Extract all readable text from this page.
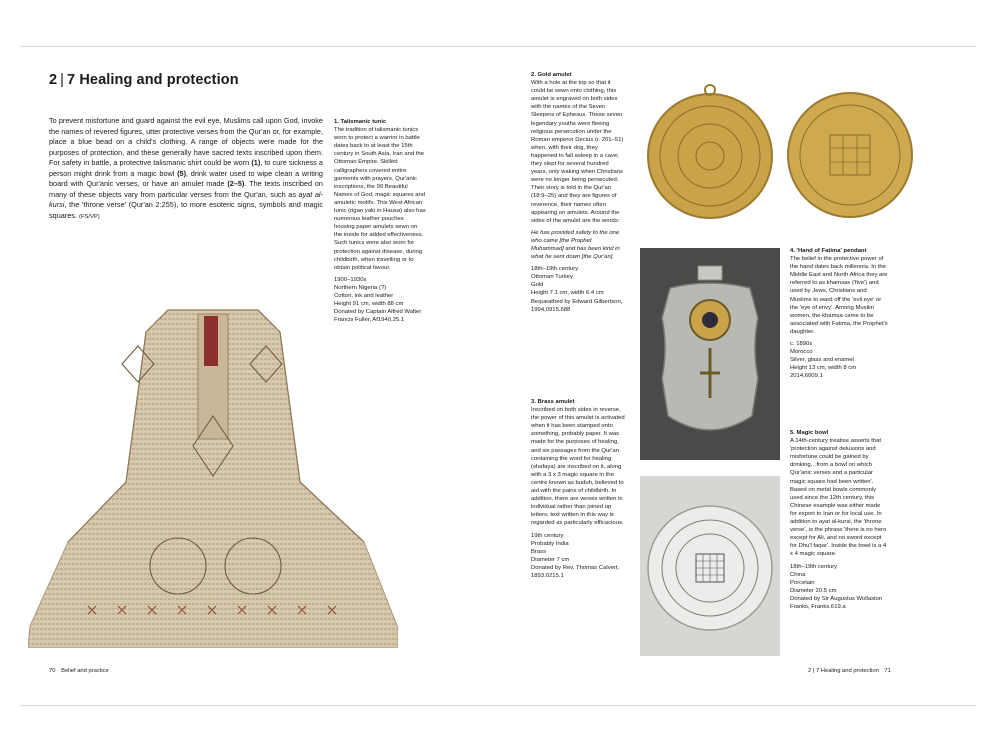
2 | 7 Healing and protection

To prevent misfortune and guard against the evil eye, Muslims call upon God, invoke the names of revered figures, utter protective verses from the Qur'an or, for example, place a blue bead on a child's clothing. A range of objects were made for the purposes of protection, and these generally have sacred texts inscribed upon them. For safety in battle, a protective talismanic shirt could be worn (1), to cure sickness a person might drink from a magic bowl (5), drink water used to wipe clean a writing board with Qur'anic verses, or have an amulet made (2–5). The texts inscribed on many of these objects vary from particular verses from the Qur'an, such as ayat al-kursi, the 'throne verse' (Qur'an 2:255), to more esoteric signs, symbols and magic squares. (FS/VP)

1. Talismanic tunic
The tradition of talismanic tunics worn to protect a warrior in battle dates back to at least the 15th century in South Asia, Iran and the Ottoman Empire. Skilled calligraphers covered entire garments with prayers, Qur'anic inscriptions, the 99 Beautiful Names of God, magic squares and amuletic motifs. This West African tunic (rigan yaki in Hausa) also has numerous leather pouches housing paper amulets sewn on the inside for added effectiveness. Such tunics were also worn for protection against disease, during childbirth, when travelling or to obtain political favour.
1900–1930s
Northern Nigeria (?)
Cotton, ink and leather
Height 91 cm, width 88 cm
Donated by Captain Alfred Walter Francis Fuller, Af1940,25.1
2. Gold amulet
With a hole at the top so that it could be sewn onto clothing, this amulet is engraved on both sides with the names of the Seven Sleepers of Ephesus. These seven legendary youths were fleeing religious persecution under the Roman emperor Decius (r. 201–51) when, with their dog, they happened to fall asleep in a cave; they slept for several hundred years, only waking when Christians were no longer being persecuted. Their story is told in the Qur'an (18:9–25) and they are figures of reverence, their names often appearing on amulets. Around the sides of the amulet are the words:
He has provided safety to the one who came [the Prophet Muhammad] and has been kind in what he sent down [the Qur'an].
18th–19th century
Ottoman Turkey
Gold
Height 7.1 cm, width 6.4 cm
Bequeathed by Edward Gilbertson, 1994,0915.688
3. Brass amulet
Inscribed on both sides in reverse, the power of this amulet is activated when it has been stamped onto something, probably paper. It was made for the purposes of healing, and six passages from the Qur'an containing the word for healing (shafaya) are inscribed on it, along with a 3 x 3 magic square in the centre known as buduh, believed to aid with the pains of childbirth. In addition, there are verses written in individual rather than joined up letters; text written in this way is regarded as particularly efficacious.
19th century
Probably India
Brass
Diameter 7 cm
Donated by Rev. Thomas Calvert, 1893,0215.1
4. 'Hand of Fatima' pendant
The belief in the protective power of the hand dates back millennia. In the Middle East and North Africa they are referred to as khamsas ('five') and used by Jews, Christians and Muslims to ward off the 'evil eye' or the 'eye of envy'. Among Muslim women, the khamsa came to be associated with Fatima, the Prophet's daughter.
c. 1890s
Morocco
Silver, glass and enamel
Height 13 cm, width 8 cm
2014,6009.1
5. Magic bowl
A 14th-century treatise asserts that 'protection against delusions and misfortune could be gained by drinking…from a bowl on which Qur'anic verses and a particular magic square had been written'. Based on metal bowls commonly used since the 12th century, this Chinese example was either made for export to Iran or for local use. In addition to ayat al-kursi, the 'throne verse', is the phrase 'there is no hero except for Ali, and no sword except for Dhu'l faqar'. Inside the bowl is a 4 x 4 magic square.
18th–19th century
China
Porcelain
Diameter 20.5 cm
Donated by Sir Augustus Wollaston Franks, Franks.619.a
70 Belief and practice	2 | 7 Healing and protection 71
